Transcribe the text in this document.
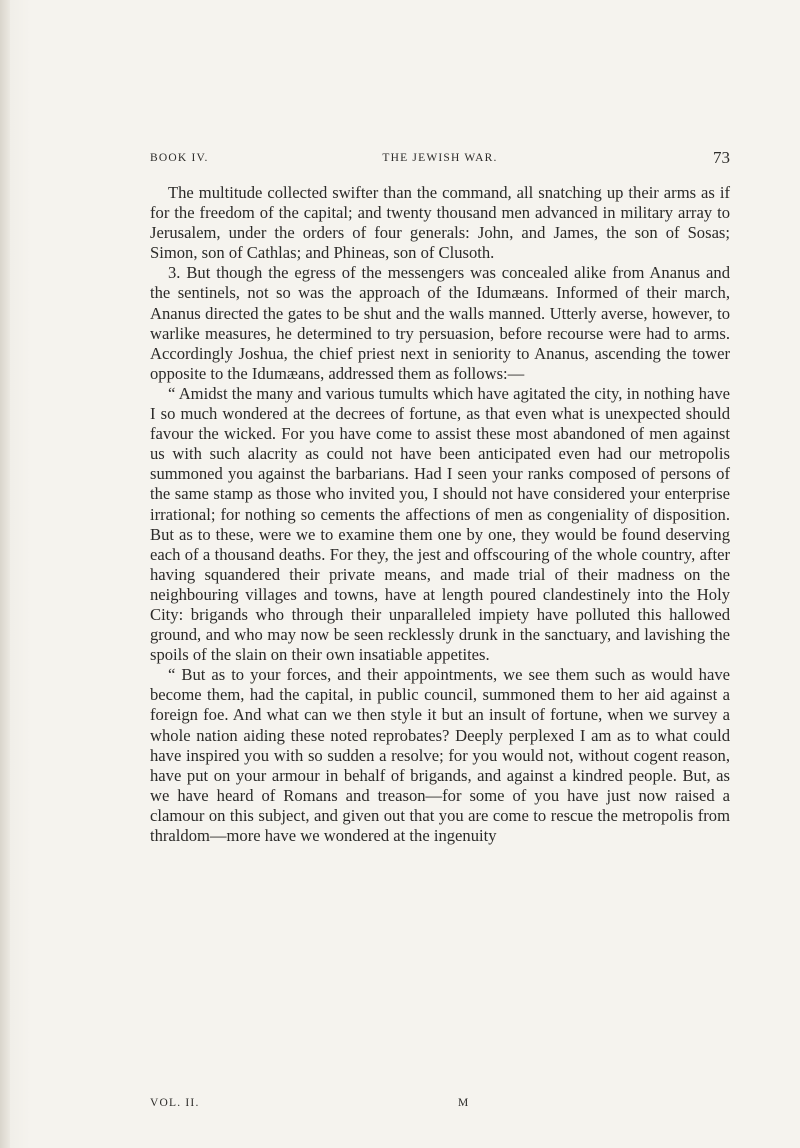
BOOK IV.	THE JEWISH WAR.	73

The multitude collected swifter than the command, all snatching up their arms as if for the freedom of the capital; and twenty thousand men advanced in military array to Jerusalem, under the orders of four generals: John, and James, the son of Sosas; Simon, son of Cathlas; and Phineas, son of Clusoth.

3. But though the egress of the messengers was concealed alike from Ananus and the sentinels, not so was the approach of the Idumæans. Informed of their march, Ananus directed the gates to be shut and the walls manned. Utterly averse, however, to warlike measures, he determined to try persuasion, before recourse were had to arms. Accordingly Joshua, the chief priest next in seniority to Ananus, ascending the tower opposite to the Idumæans, addressed them as follows:—

“ Amidst the many and various tumults which have agitated the city, in nothing have I so much wondered at the decrees of fortune, as that even what is unexpected should favour the wicked. For you have come to assist these most abandoned of men against us with such alacrity as could not have been anticipated even had our metropolis summoned you against the barbarians. Had I seen your ranks composed of persons of the same stamp as those who invited you, I should not have considered your enterprise irrational; for nothing so cements the affections of men as congeniality of disposition. But as to these, were we to examine them one by one, they would be found deserving each of a thousand deaths. For they, the jest and offscouring of the whole country, after having squandered their private means, and made trial of their madness on the neighbouring villages and towns, have at length poured clandestinely into the Holy City: brigands who through their unparalleled impiety have polluted this hallowed ground, and who may now be seen recklessly drunk in the sanctuary, and lavishing the spoils of the slain on their own insatiable appetites.

“ But as to your forces, and their appointments, we see them such as would have become them, had the capital, in public council, summoned them to her aid against a foreign foe. And what can we then style it but an insult of fortune, when we survey a whole nation aiding these noted reprobates? Deeply perplexed I am as to what could have inspired you with so sudden a resolve; for you would not, without cogent reason, have put on your armour in behalf of brigands, and against a kindred people. But, as we have heard of Romans and treason—for some of you have just now raised a clamour on this subject, and given out that you are come to rescue the metropolis from thraldom—more have we wondered at the ingenuity

VOL. II.	M
